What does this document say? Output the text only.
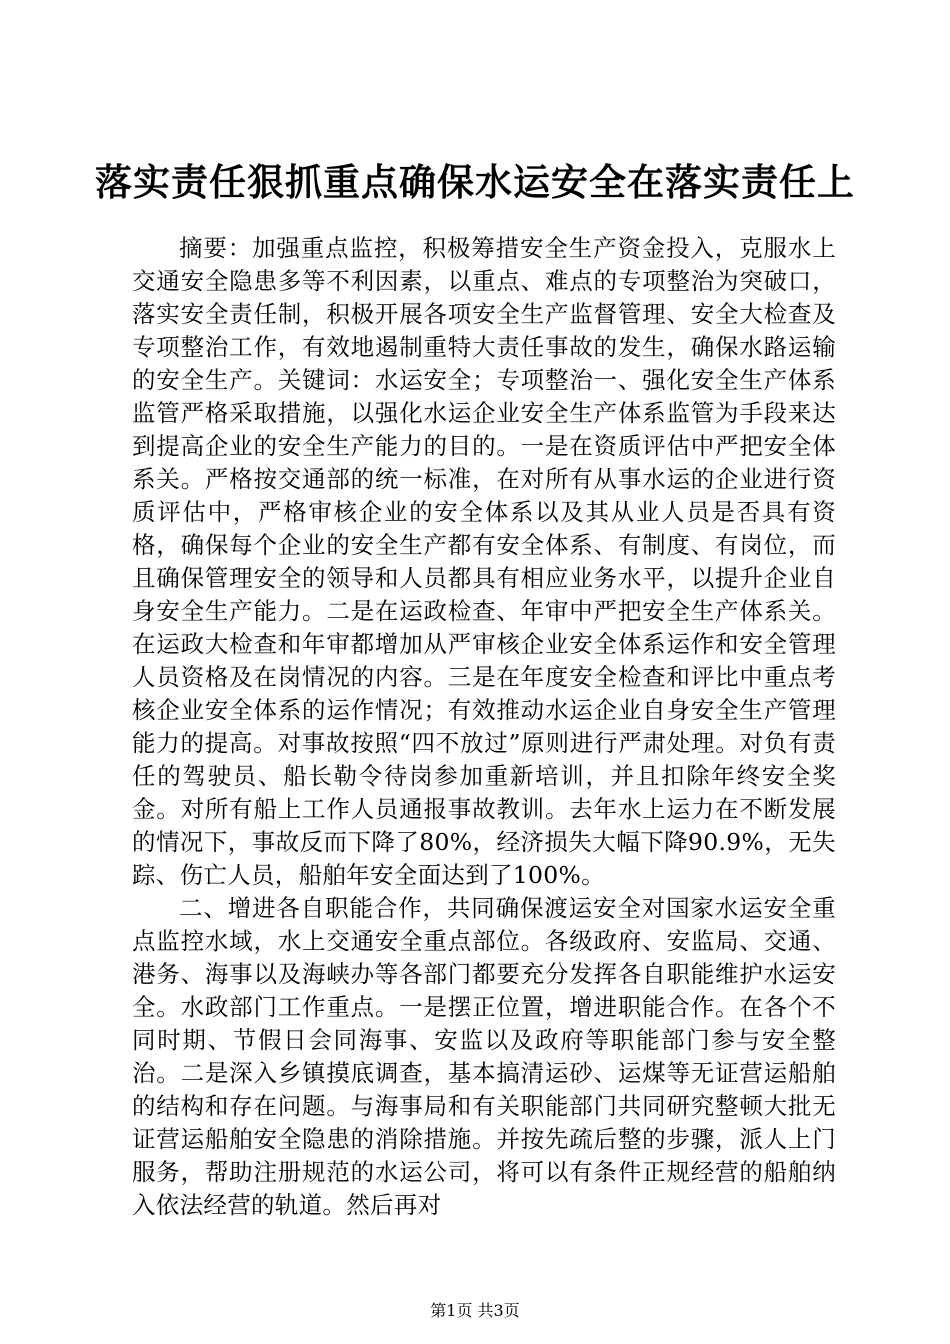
落实责任狠抓重点确保水运安全在落实责任上

摘要：加强重点监控，积极筹措安全生产资金投入，克服水上交通安全隐患多等不利因素，以重点、难点的专项整治为突破口，落实安全责任制，积极开展各项安全生产监督管理、安全大检查及专项整治工作，有效地遏制重特大责任事故的发生，确保水路运输的安全生产。关键词：水运安全；专项整治一、强化安全生产体系监管严格采取措施，以强化水运企业安全生产体系监管为手段来达到提高企业的安全生产能力的目的。一是在资质评估中严把安全体系关。严格按交通部的统一标准，在对所有从事水运的企业进行资质评估中，严格审核企业的安全体系以及其从业人员是否具有资格，确保每个企业的安全生产都有安全体系、有制度、有岗位，而且确保管理安全的领导和人员都具有相应业务水平，以提升企业自身安全生产能力。二是在运政检查、年审中严把安全生产体系关。在运政大检查和年审都增加从严审核企业安全体系运作和安全管理人员资格及在岗情况的内容。三是在年度安全检查和评比中重点考核企业安全体系的运作情况；有效推动水运企业自身安全生产管理能力的提高。对事故按照“四不放过”原则进行严肃处理。对负有责任的驾驶员、船长勒令待岗参加重新培训，并且扣除年终安全奖金。对所有船上工作人员通报事故教训。去年水上运力在不断发展的情况下，事故反而下降了80%，经济损失大幅下降90.9%，无失踪、伤亡人员，船舶年安全面达到了100%。

二、增进各自职能合作，共同确保渡运安全对国家水运安全重点监控水域，水上交通安全重点部位。各级政府、安监局、交通、港务、海事以及海峡办等各部门都要充分发挥各自职能维护水运安全。水政部门工作重点。一是摆正位置，增进职能合作。在各个不同时期、节假日会同海事、安监以及政府等职能部门参与安全整治。二是深入乡镇摸底调查，基本搞清运砂、运煤等无证营运船舶的结构和存在问题。与海事局和有关职能部门共同研究整顿大批无证营运船舶安全隐患的消除措施。并按先疏后整的步骤，派人上门服务，帮助注册规范的水运公司，将可以有条件正规经营的船舶纳入依法经营的轨道。然后再对

第1页 共3页
